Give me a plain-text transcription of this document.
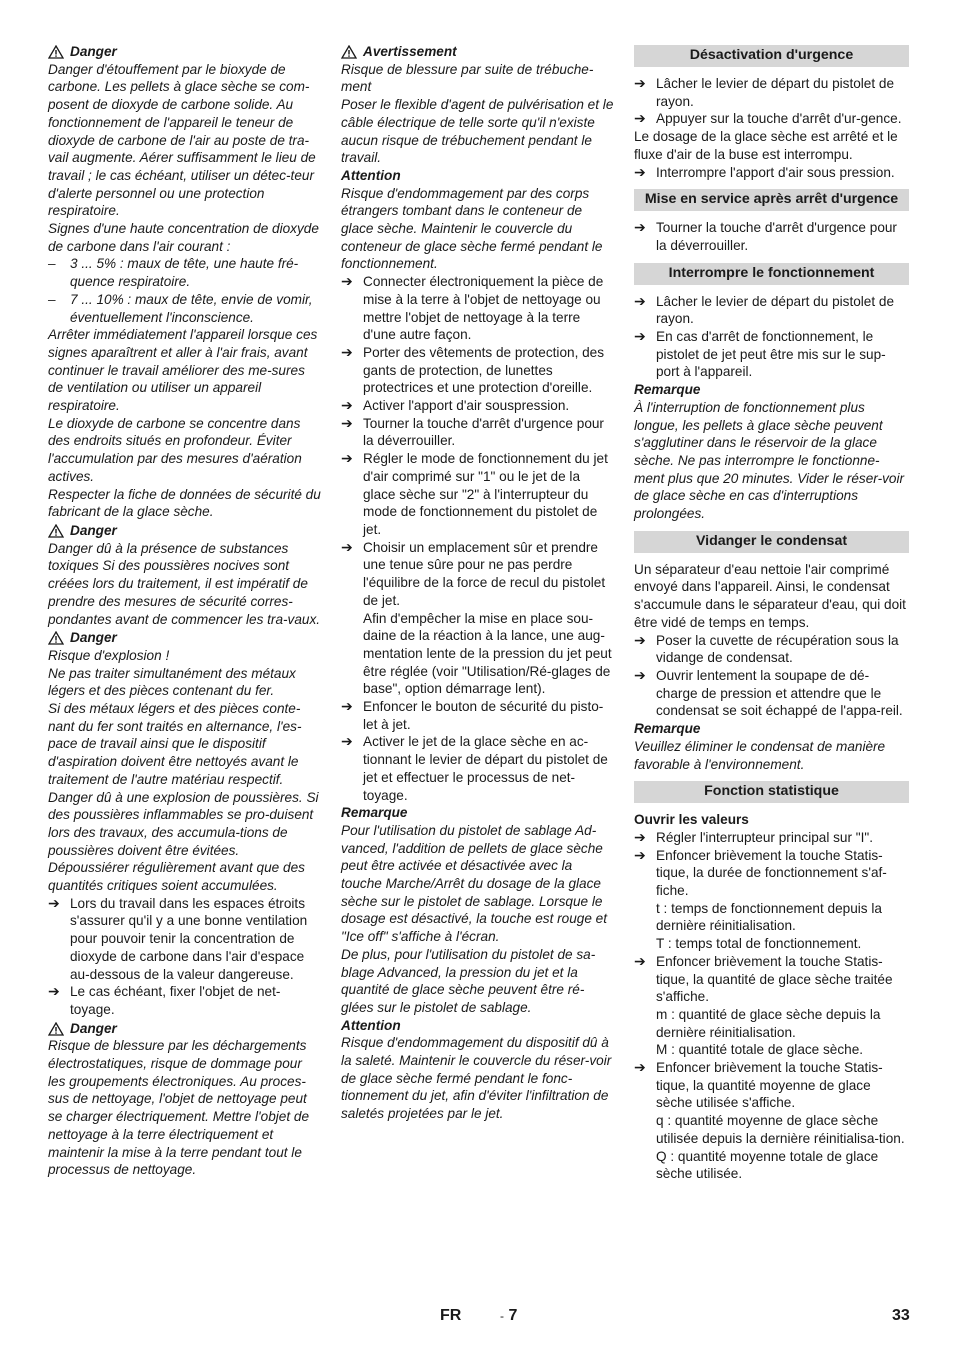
Danger

Danger d'étouffement par le bioxyde de carbone. Les pellets à glace sèche se com-posent de dioxyde de carbone solide. Au fonctionnement de l'appareil le teneur de dioxyde de carbone de l'air au poste de tra-vail augmente. Aérer suffisamment le lieu de travail ; le cas échéant, utiliser un détec-teur d'alerte personnel ou une protection respiratoire.

Signes d'une haute concentration de dioxyde de carbone dans l'air courant :

–	3 ... 5% : maux de tête, une haute fré-quence respiratoire.
–	7 ... 10% : maux de tête, envie de vomir, éventuellement l'inconscience.

Arrêter immédiatement l'appareil lorsque ces signes aparaîtrent et aller à l'air frais, avant continuer le travail améliorer des me-sures de ventilation ou utiliser un appareil respiratoire.

Le dioxyde de carbone se concentre dans des endroits situés en profondeur. Éviter l'accumulation par des mesures d'aération actives.

Respecter la fiche de données de sécurité du fabricant de la glace sèche.

Danger

Danger dû à la présence de substances toxiques Si des poussières nocives sont créées lors du traitement, il est impératif de prendre des mesures de sécurité corres-pondantes avant de commencer les tra-vaux.

Danger

Risque d'explosion !

Ne pas traiter simultanément des métaux légers et des pièces contenant du fer.

Si des métaux légers et des pièces conte-nant du fer sont traités en alternance, l'es-pace de travail ainsi que le dispositif d'aspiration doivent être nettoyés avant le traitement de l'autre matériau respectif.

Danger dû à une explosion de poussières. Si des poussières inflammables se pro-duisent lors des travaux, des accumula-tions de poussières doivent être évitées. Dépoussiérer régulièrement avant que des quantités critiques soient accumulées.

➔ Lors du travail dans les espaces étroits s'assurer qu'il y a une bonne ventilation pour pouvoir tenir la concentration de dioxyde de carbone dans l'air d'espace au-dessous de la valeur dangereuse.
➔ Le cas échéant, fixer l'objet de net-toyage.
Danger

Risque de blessure par les déchargements électrostatiques, risque de dommage pour les groupements électroniques. Au proces-sus de nettoyage, l'objet de nettoyage peut se charger électriquement. Mettre l'objet de nettoyage à la terre électriquement et maintenir la mise à la terre pendant tout le processus de nettoyage.

Avertissement

Risque de blessure par suite de trébuche-ment

Poser le flexible d'agent de pulvérisation et le câble électrique de telle sorte qu'il n'existe aucun risque de trébuchement pendant le travail.

Attention

Risque d'endommagement par des corps étrangers tombant dans le conteneur de glace sèche. Maintenir le couvercle du conteneur de glace sèche fermé pendant le fonctionnement.

➔ Connecter électroniquement la pièce de mise à la terre à l'objet de nettoyage ou mettre l'objet de nettoyage à la terre d'une autre façon.
➔ Porter des vêtements de protection, des gants de protection, de lunettes protectrices et une protection d'oreille.
➔ Activer l'apport d'air souspression.
➔ Tourner la touche d'arrêt d'urgence pour la déverrouiller.
➔ Régler le mode de fonctionnement du jet d'air comprimé sur "1" ou le jet de la glace sèche sur "2" à l'interrupteur du mode de fonctionnement du pistolet de jet.
➔ Choisir un emplacement sûr et prendre une tenue sûre pour ne pas perdre l'équilibre de la force de recul du pistolet de jet.

Afin d'empêcher la mise en place sou-daine de la réaction à la lance, une aug-mentation lente de la pression du jet peut être réglée (voir "Utilisation/Ré-glages de base", option démarrage lent).

➔ Enfoncer le bouton de sécurité du pisto-let à jet.
➔ Activer le jet de la glace sèche en ac-tionnant le levier de départ du pistolet de jet et effectuer le processus de net-toyage.
Remarque

Pour l'utilisation du pistolet de sablage Ad-vanced, l'addition de pellets de glace sèche peut être activée et désactivée avec la touche Marche/Arrêt du dosage de la glace sèche sur le pistolet de sablage. Lorsque le dosage est désactivé, la touche est rouge et "Ice off" s'affiche à l'écran.

De plus, pour l'utilisation du pistolet de sa-blage Advanced, la pression du jet et la quantité de glace sèche peuvent être ré-glées sur le pistolet de sablage.

Attention

Risque d'endommagement du dispositif dû à la saleté. Maintenir le couvercle du réser-voir de glace sèche fermé pendant le fonc-tionnement du jet, afin d'éviter l'infiltration de saletés projetées par le jet.

Désactivation d'urgence
➔ Lâcher le levier de départ du pistolet de rayon.
➔ Appuyer sur la touche d'arrêt d'ur-gence.

Le dosage de la glace sèche est arrêté et le fluxe d'air de la buse est interrompu.

➔ Interrompre l'apport d'air sous pression.
Mise en service après arrêt d'urgence
➔ Tourner la touche d'arrêt d'urgence pour la déverrouiller.
Interrompre le fonctionnement
➔ Lâcher le levier de départ du pistolet de rayon.
➔ En cas d'arrêt de fonctionnement, le pistolet de jet peut être mis sur le sup-port à l'appareil.
Remarque

À l'interruption de fonctionnement plus longue, les pellets à glace sèche peuvent s'agglutiner dans le réservoir de la glace sèche. Ne pas interrompre le fonctionne-ment plus que 20 minutes. Vider le réser-voir de glace sèche en cas d'interruptions prolongées.

Vidanger le condensat

Un séparateur d'eau nettoie l'air comprimé envoyé dans l'appareil. Ainsi, le condensat s'accumule dans le séparateur d'eau, qui doit être vidé de temps en temps.

➔ Poser la cuvette de récupération sous la vidange de condensat.
➔ Ouvrir lentement la soupape de dé-charge de pression et attendre que le condensat se soit échappé de l'appa-reil.
Remarque

Veuillez éliminer le condensat de manière favorable à l'environnement.

Fonction statistique
Ouvrir les valeurs
➔ Régler l'interrupteur principal sur "I".
➔ Enfoncer brièvement la touche Statis-tique, la durée de fonctionnement s'af-fiche.

t : temps de fonctionnement depuis la dernière réinitialisation.

T : temps total de fonctionnement.

➔ Enfoncer brièvement la touche Statis-tique, la quantité de glace sèche traitée s'affiche.

m : quantité de glace sèche depuis la dernière réinitialisation.

M : quantité totale de glace sèche.

➔ Enfoncer brièvement la touche Statis-tique, la quantité moyenne de glace sèche utilisée s'affiche.

q : quantité moyenne de glace sèche utilisée depuis la dernière réinitialisa-tion.

Q : quantité moyenne totale de glace sèche utilisée.

FR	- 7	33
